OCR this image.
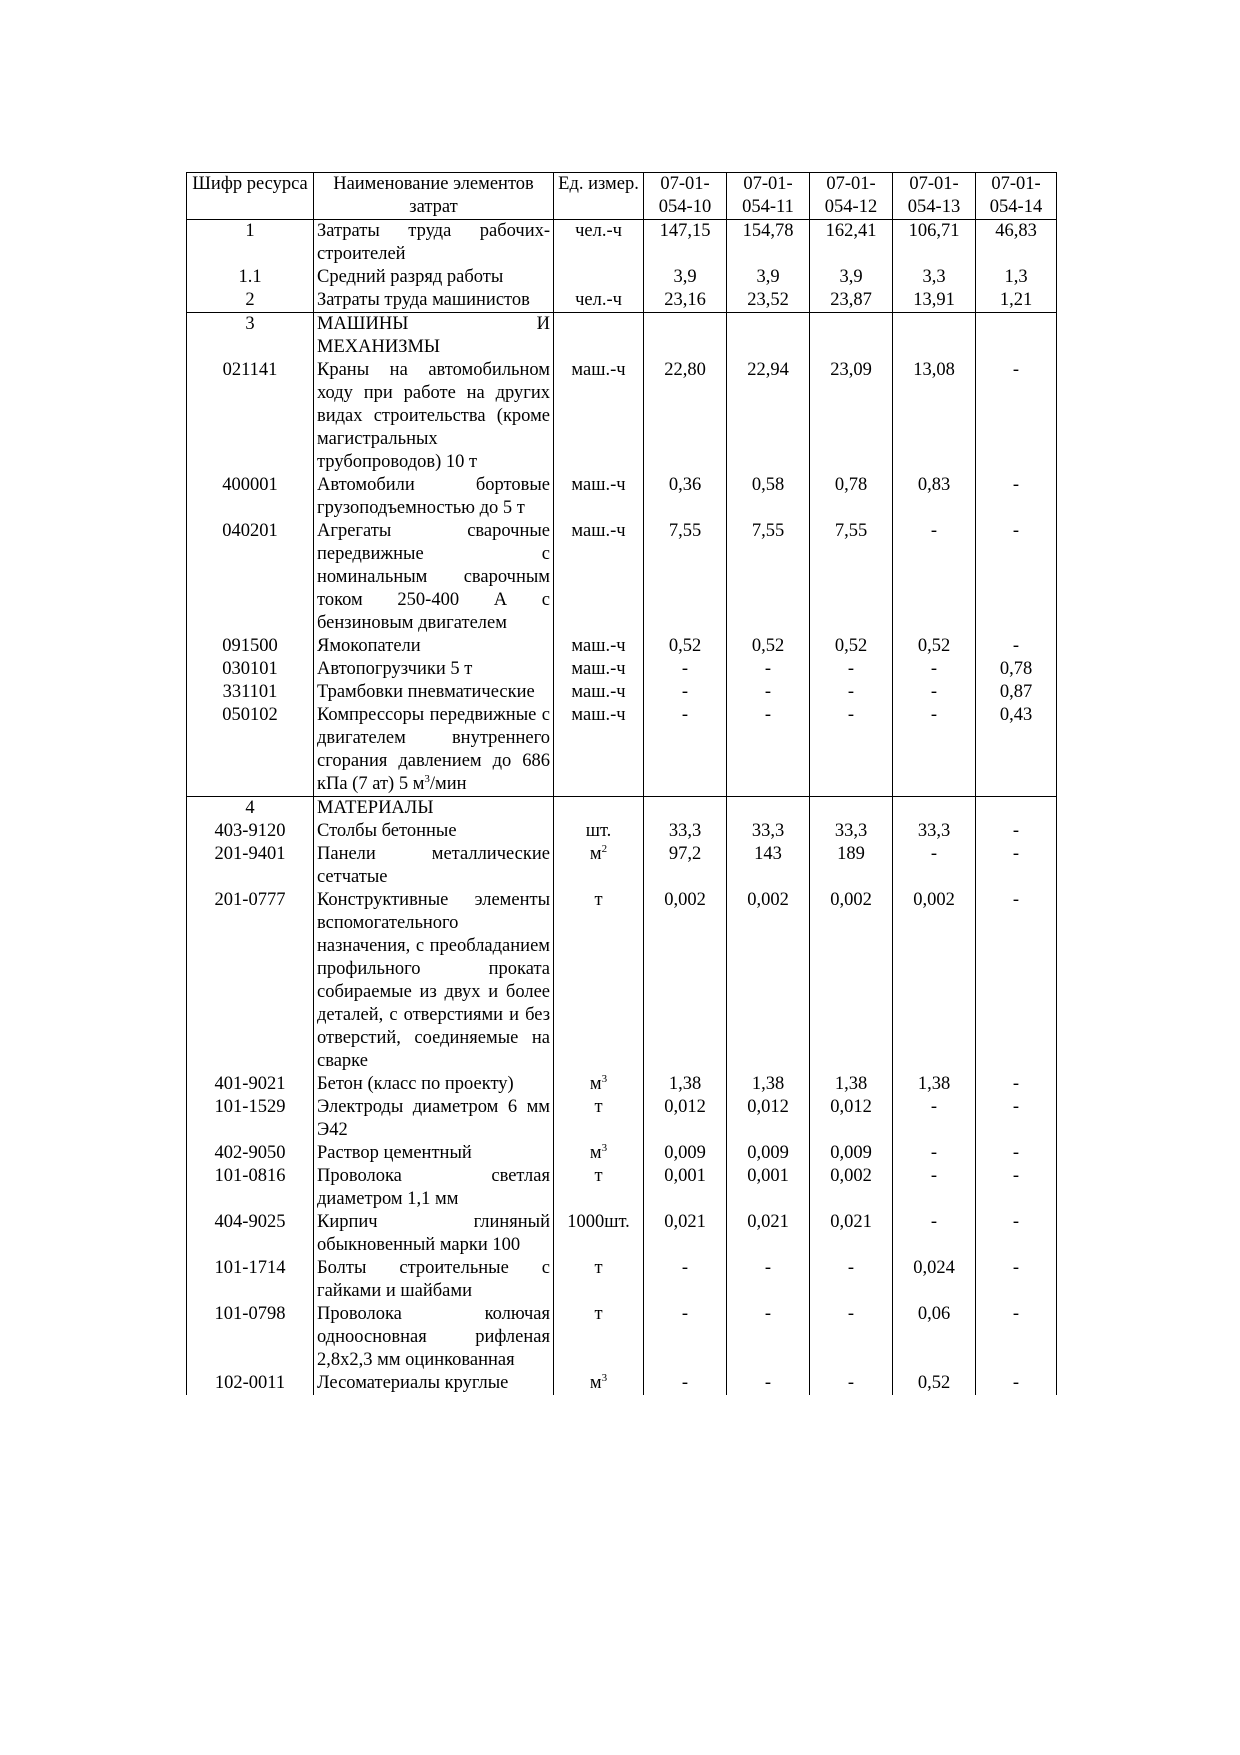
Шифр ресурса	Наименование элементов затрат	Ед. измер.	07-01-054-10	07-01-054-11	07-01-054-12	07-01-054-13	07-01-054-14
1	Затраты труда рабочих-строителей	чел.-ч	147,15	154,78	162,41	106,71	46,83
1.1	Средний разряд работы		3,9	3,9	3,9	3,3	1,3
2	Затраты труда машинистов	чел.-ч	23,16	23,52	23,87	13,91	1,21
3	МАШИНЫ И МЕХАНИЗМЫ						
021141	Краны на автомобильном ходу при работе на других видах строительства (кроме магистральных трубопроводов) 10 т	маш.-ч	22,80	22,94	23,09	13,08	-
400001	Автомобили бортовые грузоподъемностью до 5 т	маш.-ч	0,36	0,58	0,78	0,83	-
040201	Агрегаты сварочные передвижные с номинальным сварочным током 250-400 А с бензиновым двигателем	маш.-ч	7,55	7,55	7,55	-	-
091500	Ямокопатели	маш.-ч	0,52	0,52	0,52	0,52	-
030101	Автопогрузчики 5 т	маш.-ч	-	-	-	-	0,78
331101	Трамбовки пневматические	маш.-ч	-	-	-	-	0,87
050102	Компрессоры передвижные с двигателем внутреннего сгорания давлением до 686 кПа (7 ат) 5 $м^3$/мин	маш.-ч	-	-	-	-	0,43
4	МАТЕРИАЛЫ						
403-9120	Столбы бетонные	шт.	33,3	33,3	33,3	33,3	-
201-9401	Панели металлические сетчатые	$м^2$	97,2	143	189	-	-
201-0777	Конструктивные элементы вспомогательного назначения, с преобладанием профильного проката собираемые из двух и более деталей, с отверстиями и без отверстий, соединяемые на сварке	т	0,002	0,002	0,002	0,002	-
401-9021	Бетон (класс по проекту)	$м^3$	1,38	1,38	1,38	1,38	-
101-1529	Электроды диаметром 6 мм Э42	т	0,012	0,012	0,012	-	-
402-9050	Раствор цементный	$м^3$	0,009	0,009	0,009	-	-
101-0816	Проволока светлая диаметром 1,1 мм	т	0,001	0,001	0,002	-	-
404-9025	Кирпич глиняный обыкновенный марки 100	1000шт.	0,021	0,021	0,021	-	-
101-1714	Болты строительные с гайками и шайбами	т	-	-	-	0,024	-
101-0798	Проволока колючая одноосновная рифленая 2,8х2,3 мм оцинкованная	т	-	-	-	0,06	-
102-0011	Лесоматериалы круглые	$м^3$	-	-	-	0,52	-
